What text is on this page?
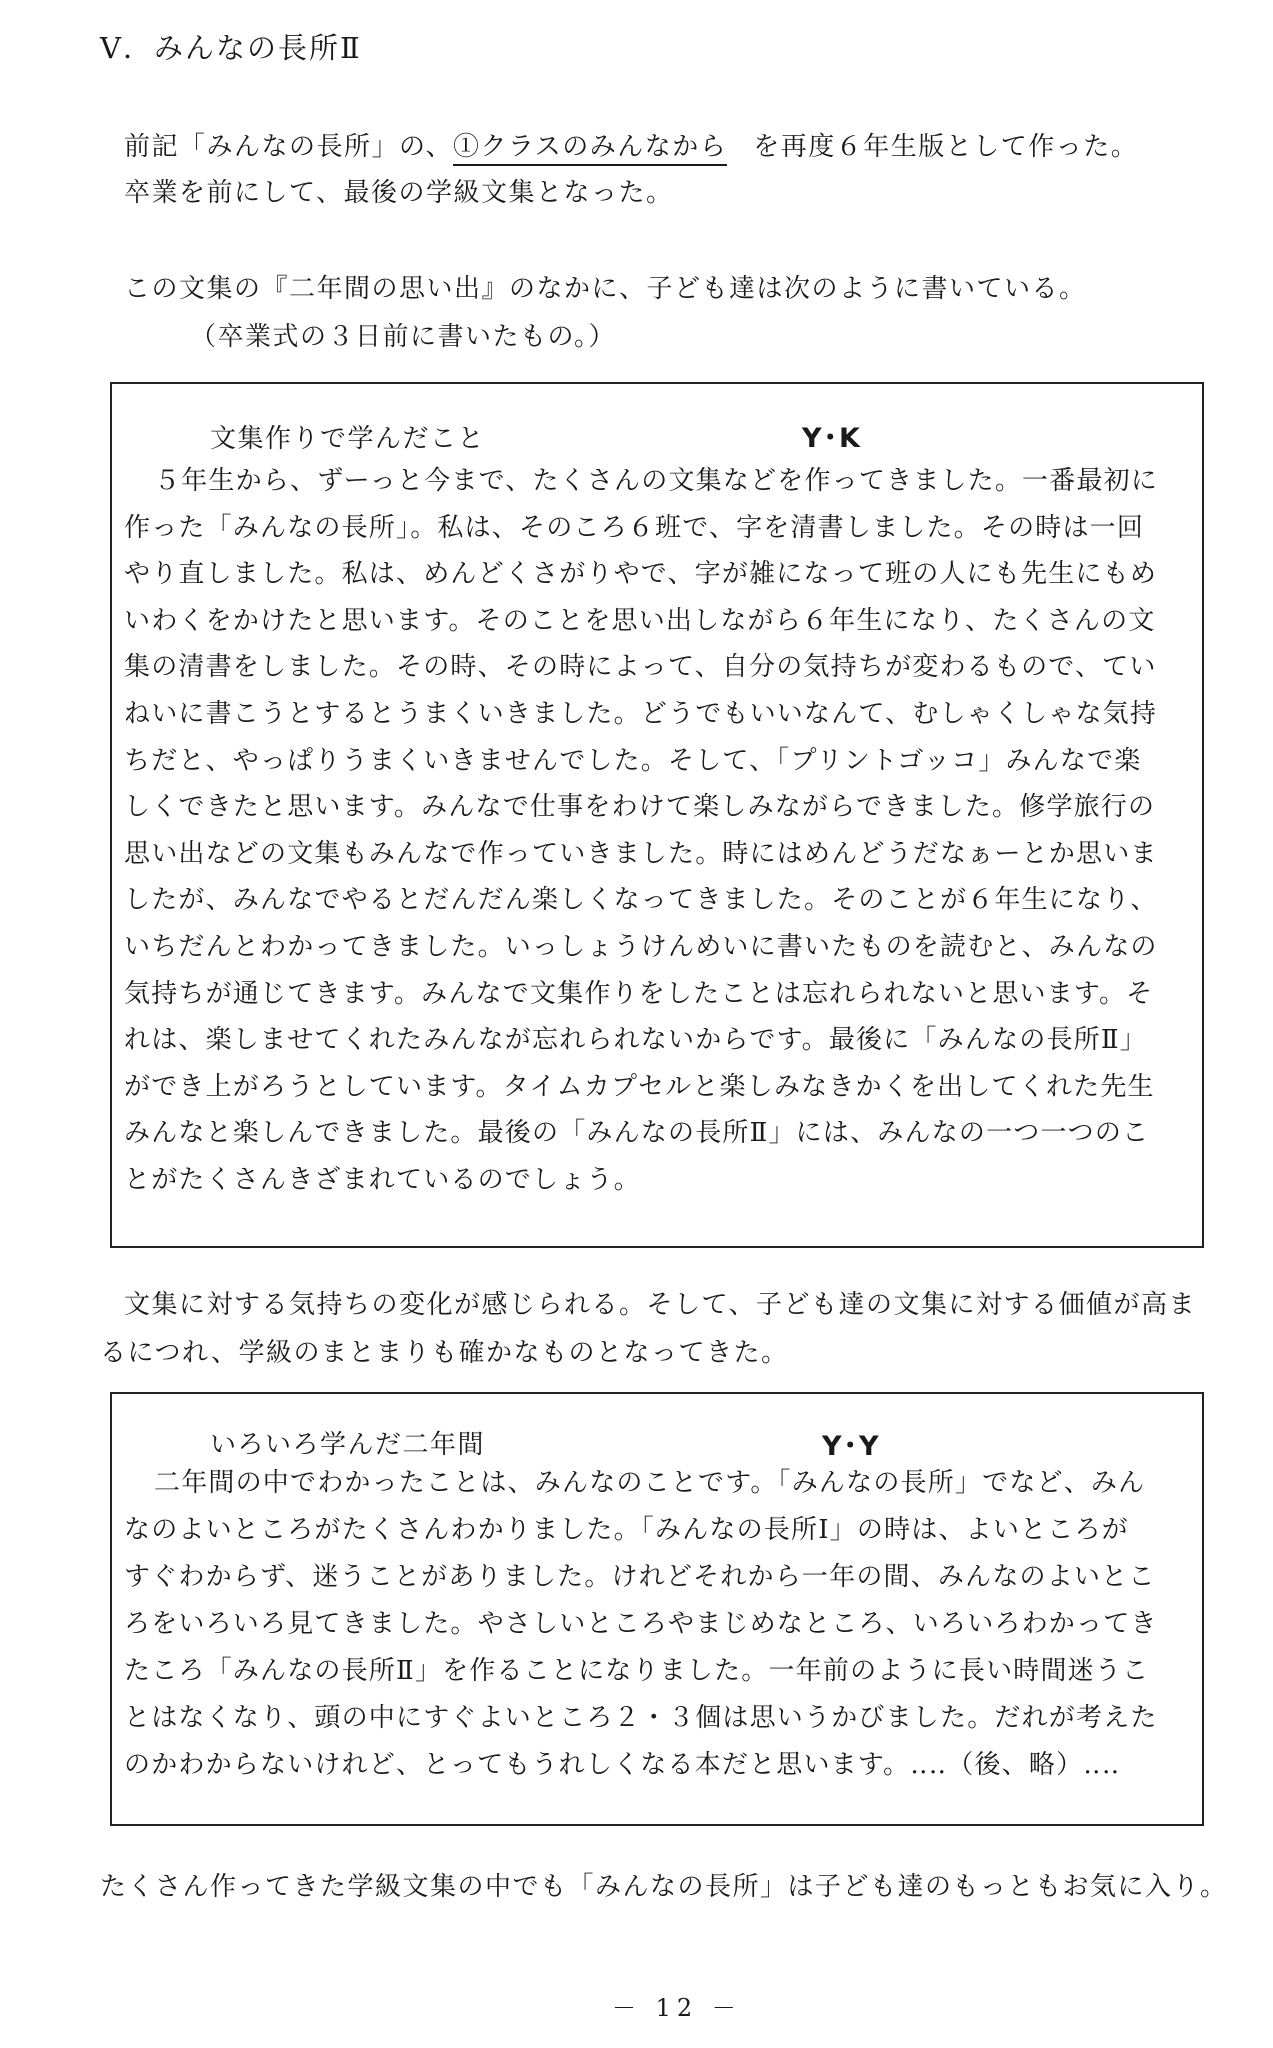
Ⅴ．みんなの長所Ⅱ
前記「みんなの長所」の、①クラスのみんなから を再度６年生版として作った。
卒業を前にして、最後の学級文集となった。
この文集の『二年間の思い出』のなかに、子ども達は次のように書いている。
（卒業式の３日前に書いたもの。）
文集作りで学んだこと	Y･K
５年生から、ずーっと今まで、たくさんの文集などを作ってきました。一番最初に
作った「みんなの長所」。私は、そのころ６班で、字を清書しました。その時は一回
やり直しました。私は、めんどくさがりやで、字が雑になって班の人にも先生にもめ
いわくをかけたと思います。そのことを思い出しながら６年生になり、たくさんの文
集の清書をしました。その時、その時によって、自分の気持ちが変わるもので、てい
ねいに書こうとするとうまくいきました。どうでもいいなんて、むしゃくしゃな気持
ちだと、やっぱりうまくいきませんでした。そして、「プリントゴッコ」みんなで楽
しくできたと思います。みんなで仕事をわけて楽しみながらできました。修学旅行の
思い出などの文集もみんなで作っていきました。時にはめんどうだなぁーとか思いま
したが、みんなでやるとだんだん楽しくなってきました。そのことが６年生になり、
いちだんとわかってきました。いっしょうけんめいに書いたものを読むと、みんなの
気持ちが通じてきます。みんなで文集作りをしたことは忘れられないと思います。そ
れは、楽しませてくれたみんなが忘れられないからです。最後に「みんなの長所Ⅱ」
ができ上がろうとしています。タイムカプセルと楽しみなきかくを出してくれた先生
みんなと楽しんできました。最後の「みんなの長所Ⅱ」には、みんなの一つ一つのこ
とがたくさんきざまれているのでしょう。
文集に対する気持ちの変化が感じられる。そして、子ども達の文集に対する価値が高ま
るにつれ、学級のまとまりも確かなものとなってきた。
いろいろ学んだ二年間	Y･Y
二年間の中でわかったことは、みんなのことです。「みんなの長所」でなど、みん
なのよいところがたくさんわかりました。「みんなの長所Ⅰ」の時は、よいところが
すぐわからず、迷うことがありました。けれどそれから一年の間、みんなのよいとこ
ろをいろいろ見てきました。やさしいところやまじめなところ、いろいろわかってき
たころ「みんなの長所Ⅱ」を作ることになりました。一年前のように長い時間迷うこ
とはなくなり、頭の中にすぐよいところ２・３個は思いうかびました。だれが考えた
のかわからないけれど、とってもうれしくなる本だと思います。‥‥（後、略）‥‥
たくさん作ってきた学級文集の中でも「みんなの長所」は子ども達のもっともお気に入り。
－ 12 －
